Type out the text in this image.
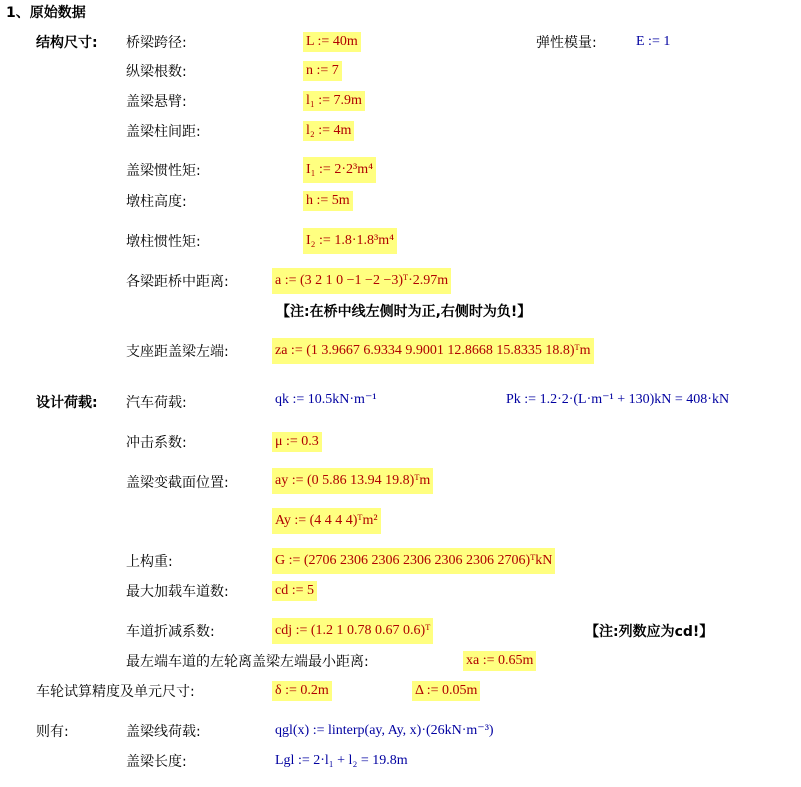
1、原始数据
结构尺寸: 桥梁跨径:	L := 40m	弹性模量:	E := 1
纵梁根数:	n := 7
盖梁悬臂:	l₁ := 7.9m
盖梁柱间距:	l₂ := 4m
盖梁惯性矩:	I₁ := 2·2³m⁴
墩柱高度:	h := 5m
墩柱惯性矩:	I₂ := 1.8·1.8³m⁴
各梁距桥中距离:	a := (3 2 1 0 −1 −2 −3)ᵀ·2.97m
【注:在桥中线左侧时为正,右侧时为负!】
支座距盖梁左端:	za := (1 3.9667 6.9334 9.9001 12.8668 15.8335 18.8)ᵀm
设计荷载: 汽车荷载:	qk := 10.5kN·m⁻¹	Pk := 1.2·2·(L·m⁻¹ + 130)kN = 408·kN
冲击系数:	μ := 0.3
盖梁变截面位置:	ay := (0 5.86 13.94 19.8)ᵀm
Ay := (4 4 4 4)ᵀm²
上构重:	G := (2706 2306 2306 2306 2306 2306 2706)ᵀkN
最大加载车道数:	cd := 5
车道折减系数:	cdj := (1.2 1 0.78 0.67 0.6)ᵀ	【注:列数应为cd!】
最左端车道的左轮离盖梁左端最小距离:	xa := 0.65m
车轮试算精度及单元尺寸:	δ := 0.2m	Δ := 0.05m
则有:	盖梁线荷载:	qgl(x) := linterp(ay, Ay, x)·(26kN·m⁻³)
盖梁长度:	Lgl := 2·l₁ + l₂ = 19.8m
